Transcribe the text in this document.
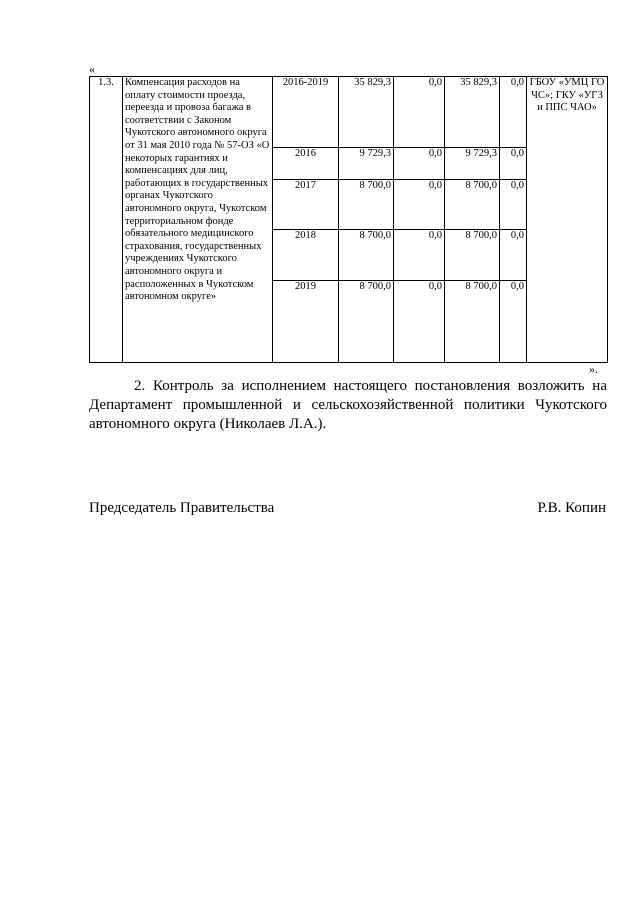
«
1.3.	Компенсация расходов на оплату стоимости проезда, переезда и провоза багажа в соответствии с Законом Чукотского автономного округа от 31 мая 2010 года № 57-ОЗ «О некоторых гарантиях и компенсациях для лиц, работающих в государственных органах Чукотского автономного округа, Чукотском территориальном фонде обязательного медицинского страхования, государственных учреждениях Чукотского автономного округа и расположенных в Чукотском автономном округе»	2016-2019	35 829,3	0,0	35 829,3	0,0	ГБОУ «УМЦ ГО ЧС»; ГКУ «УГЗ и ППС ЧАО»
		2016	9 729,3	0,0	9 729,3	0,0	
		2017	8 700,0	0,0	8 700,0	0,0	
		2018	8 700,0	0,0	8 700,0	0,0	
		2019	8 700,0	0,0	8 700,0	0,0	
».

2. Контроль за исполнением настоящего постановления возложить на Департамент промышленной и сельскохозяйственной политики Чукотского автономного округа (Николаев Л.А.).

Председатель Правительства	Р.В. Копин
